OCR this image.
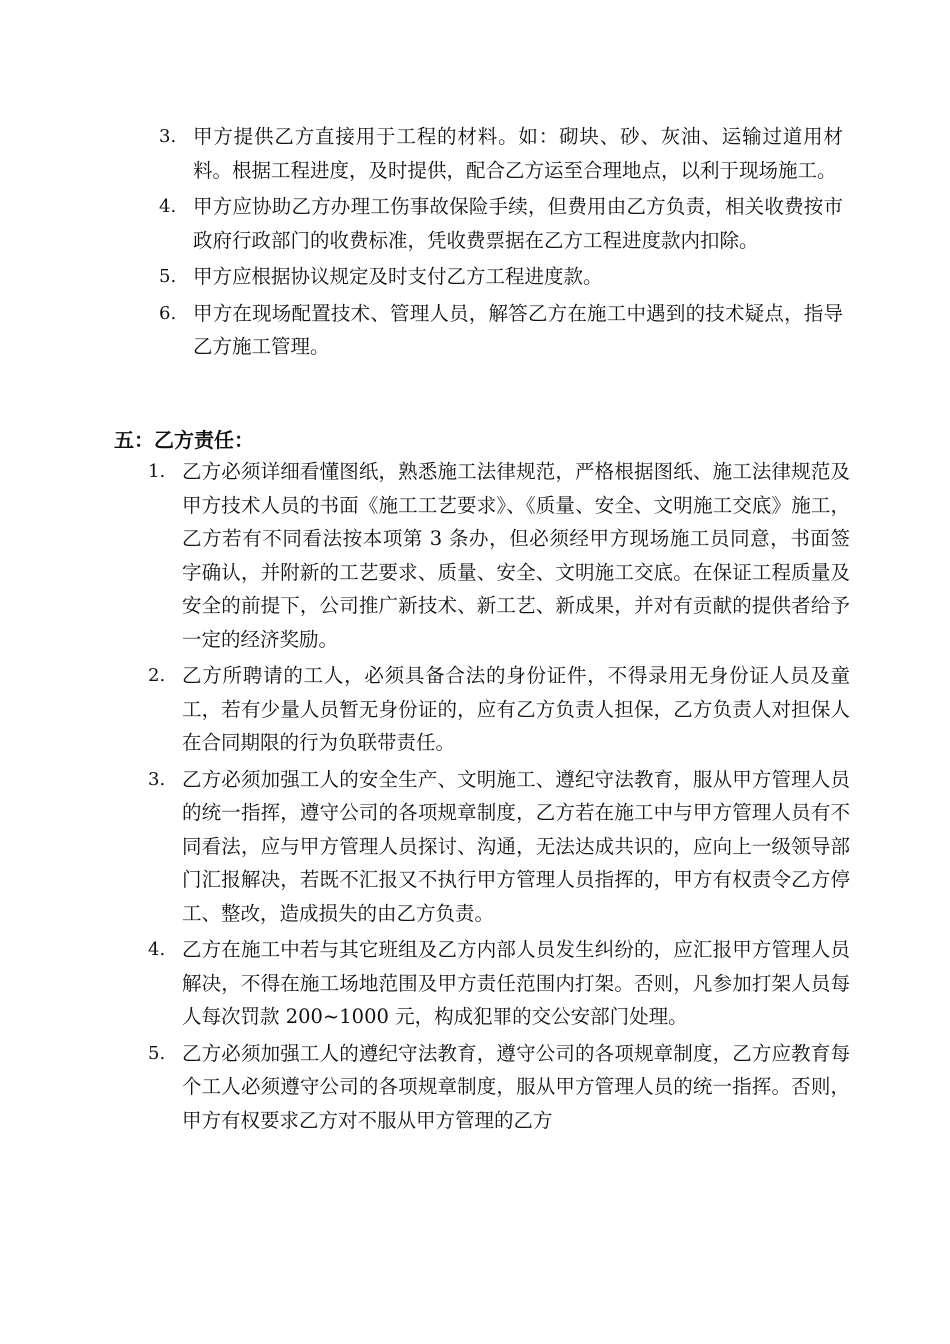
3. 甲方提供乙方直接用于工程的材料。如：砌块、砂、灰油、运输过道用材料。根据工程进度，及时提供，配合乙方运至合理地点，以利于现场施工。
4. 甲方应协助乙方办理工伤事故保险手续，但费用由乙方负责，相关收费按市政府行政部门的收费标准，凭收费票据在乙方工程进度款内扣除。
5. 甲方应根据协议规定及时支付乙方工程进度款。
6. 甲方在现场配置技术、管理人员，解答乙方在施工中遇到的技术疑点，指导乙方施工管理。
五：乙方责任：
1. 乙方必须详细看懂图纸，熟悉施工法律规范，严格根据图纸、施工法律规范及甲方技术人员的书面《施工工艺要求》、《质量、安全、文明施工交底》施工，乙方若有不同看法按本项第 3 条办，但必须经甲方现场施工员同意，书面签字确认，并附新的工艺要求、质量、安全、文明施工交底。在保证工程质量及安全的前提下，公司推广新技术、新工艺、新成果，并对有贡献的提供者给予一定的经济奖励。
2. 乙方所聘请的工人，必须具备合法的身份证件，不得录用无身份证人员及童工，若有少量人员暂无身份证的，应有乙方负责人担保，乙方负责人对担保人在合同期限的行为负联带责任。
3. 乙方必须加强工人的安全生产、文明施工、遵纪守法教育，服从甲方管理人员的统一指挥，遵守公司的各项规章制度，乙方若在施工中与甲方管理人员有不同看法，应与甲方管理人员探讨、沟通，无法达成共识的，应向上一级领导部门汇报解决，若既不汇报又不执行甲方管理人员指挥的，甲方有权责令乙方停工、整改，造成损失的由乙方负责。
4. 乙方在施工中若与其它班组及乙方内部人员发生纠纷的，应汇报甲方管理人员解决，不得在施工场地范围及甲方责任范围内打架。否则，凡参加打架人员每人每次罚款 200~1000 元，构成犯罪的交公安部门处理。
5. 乙方必须加强工人的遵纪守法教育，遵守公司的各项规章制度，乙方应教育每个工人必须遵守公司的各项规章制度，服从甲方管理人员的统一指挥。否则，甲方有权要求乙方对不服从甲方管理的乙方
